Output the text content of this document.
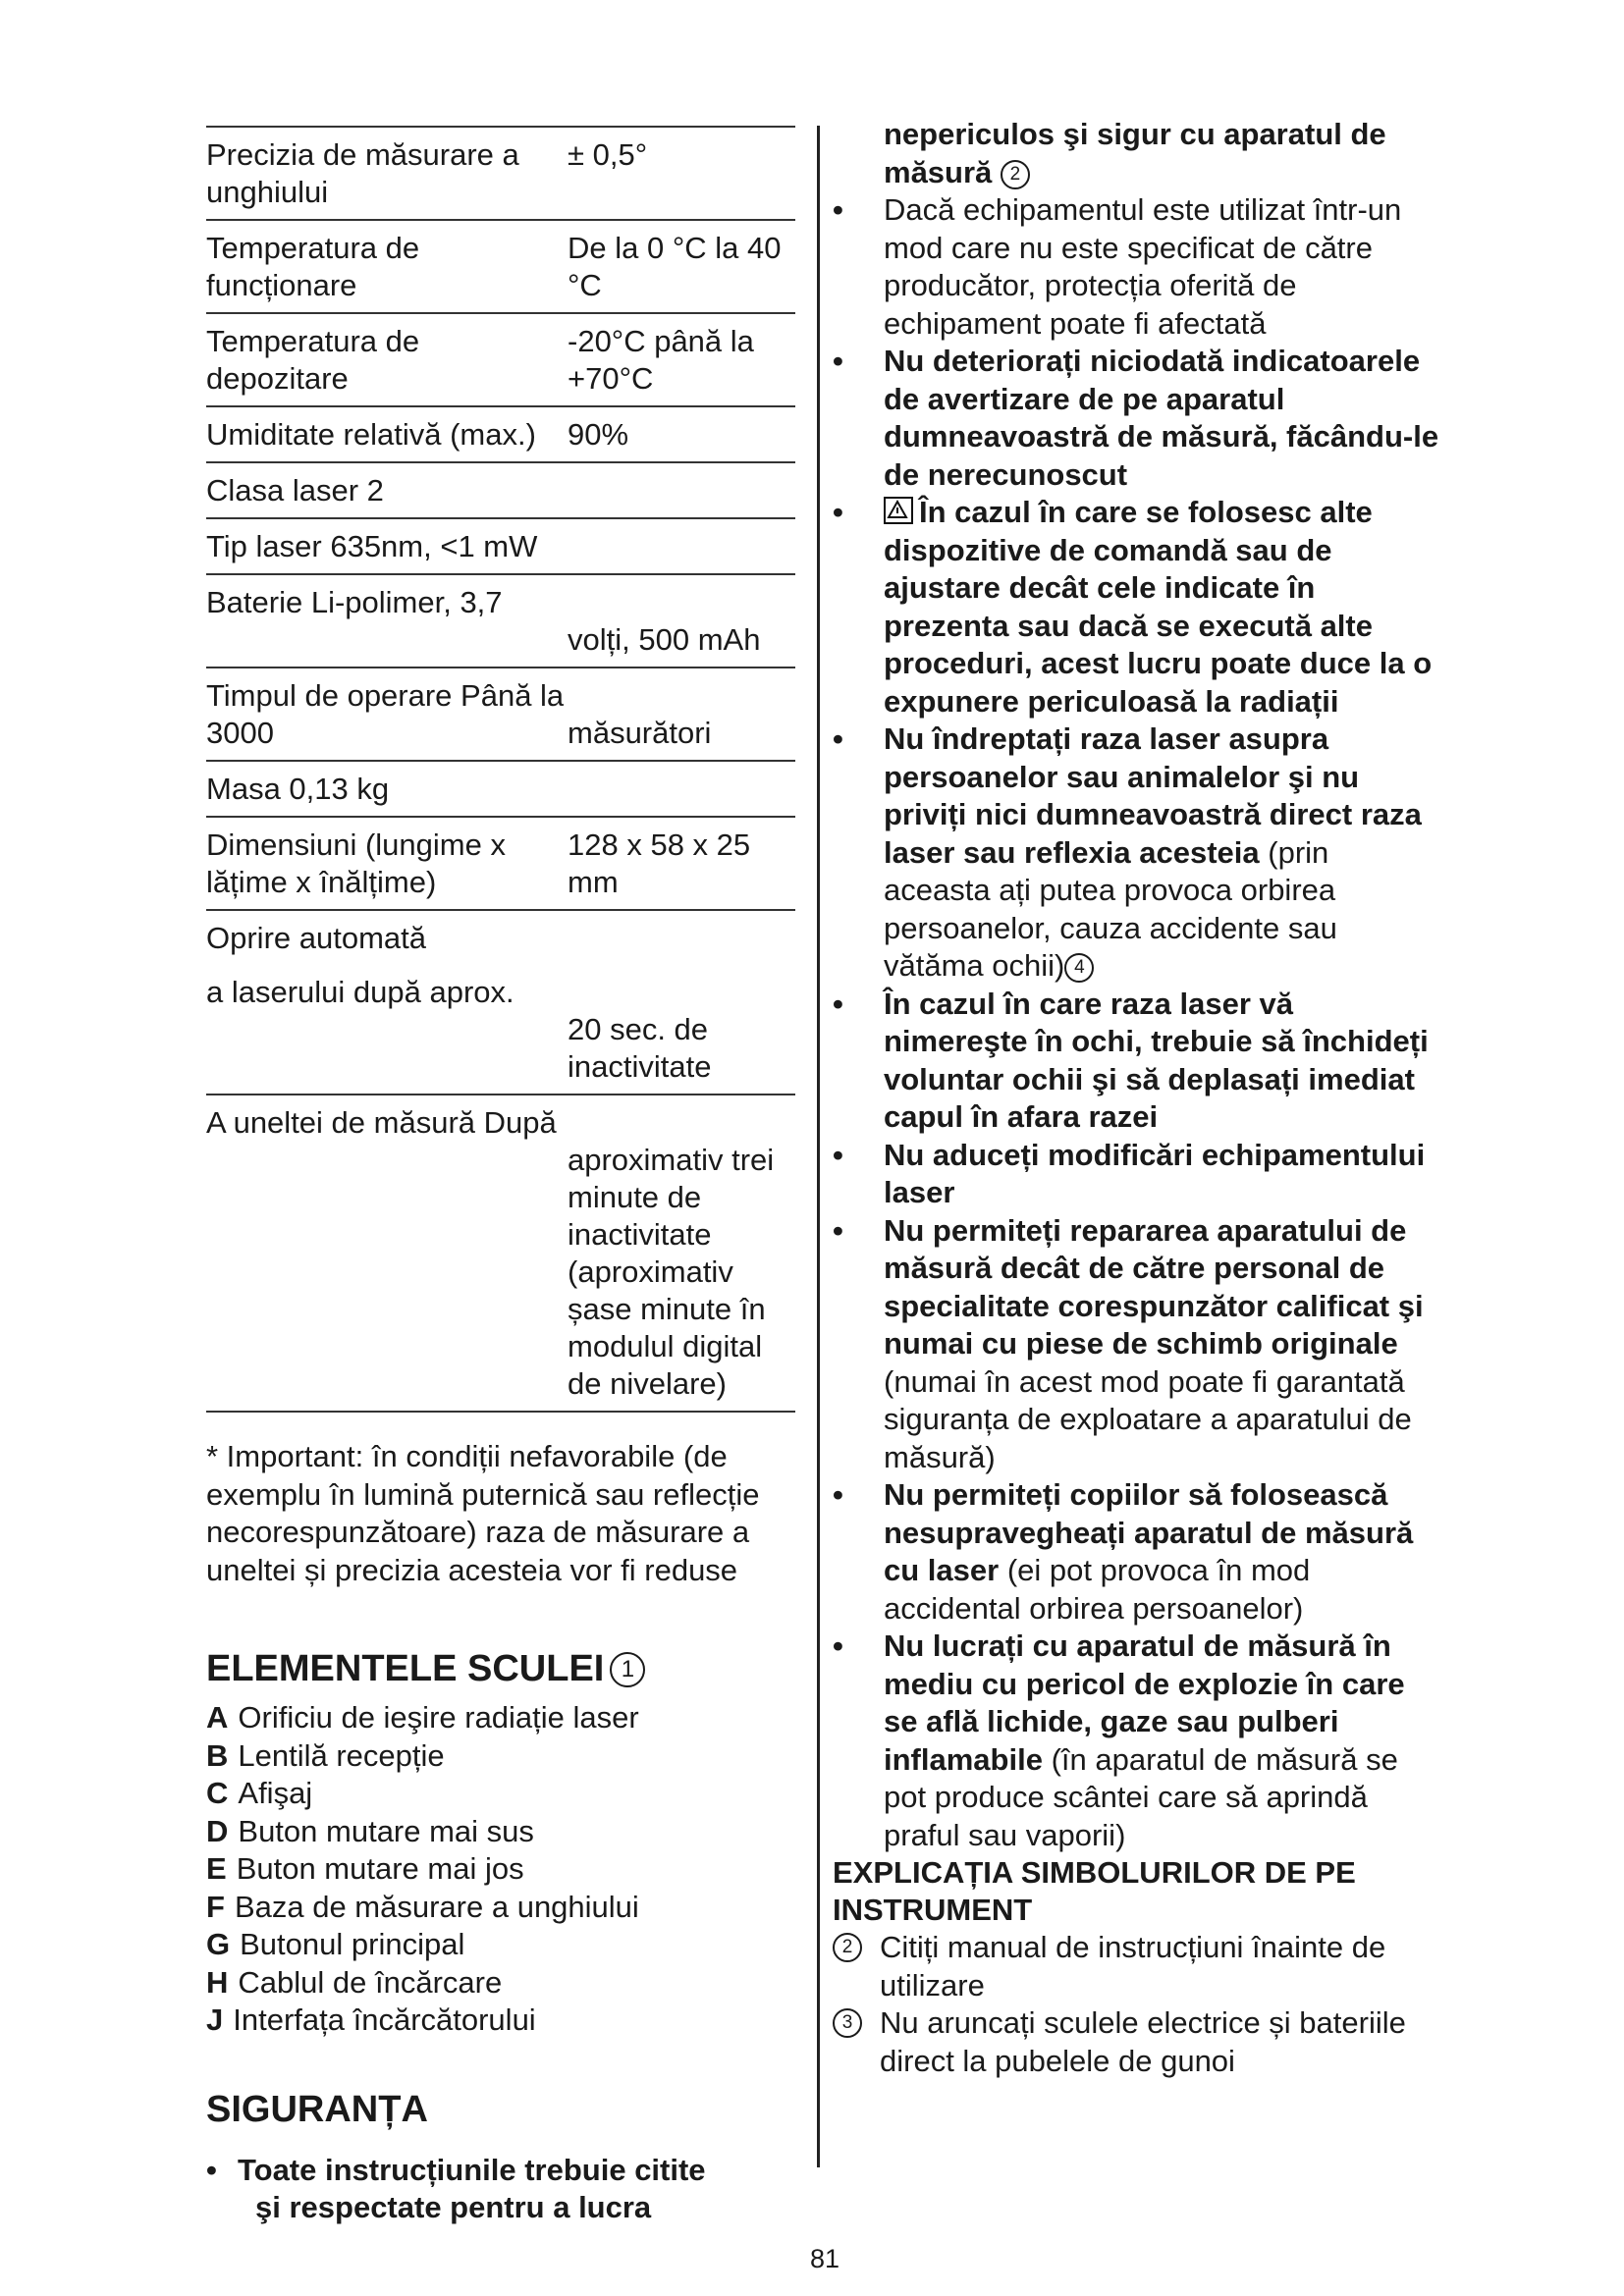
Precizia de măsurare a unghiului
± 0,5°
Temperatura de funcționare
De la 0 °C la 40 °C
Temperatura de depozitare
-20°C până la +70°C
Umiditate relativă (max.)	90%
Clasa laser 2
Tip laser 635nm, <1 mW
Baterie Li-polimer, 3,7
volți, 500 mAh
Timpul de operare Până la 3000	măsurători
Masa 0,13 kg
Dimensiuni (lungime x lățime x înălțime)
128 x 58 x 25 mm
Oprire automată
a laserului după aprox.
20 sec. de inactivitate
A uneltei de măsură După
aproximativ trei minute de inactivitate (aproximativ șase minute în modulul digital de nivelare)
* Important: în condiții nefavorabile (de exemplu în lumină puternică sau reflecție necorespunzătoare) raza de măsurare a uneltei și precizia acesteia vor fi reduse
ELEMENTELE SCULEI 1
A Orificiu de ieşire radiație laser
B Lentilă recepție
C Afişaj
D Buton mutare mai sus
E Buton mutare mai jos
F Baza de măsurare a unghiului
G Butonul principal
H Cablul de încărcare
J Interfața încărcătorului
SIGURANȚA
• Toate instrucțiunile trebuie citite
şi respectate pentru a lucra
nepericulos şi sigur cu aparatul de măsură 2
• Dacă echipamentul este utilizat într-un mod care nu este specificat de către producător, protecția oferită de echipament poate fi afectată
• Nu deteriorați niciodată indicatoarele de avertizare de pe aparatul dumneavoastră de măsură, făcându-le de nerecunoscut
• În cazul în care se folosesc alte dispozitive de comandă sau de ajustare decât cele indicate în prezenta sau dacă se execută alte proceduri, acest lucru poate duce la o expunere periculoasă la radiații
• Nu îndreptați raza laser asupra persoanelor sau animalelor şi nu priviți nici dumneavoastră direct raza laser sau reflexia acesteia (prin aceasta ați putea provoca orbirea persoanelor, cauza accidente sau vătăma ochii) 4
• În cazul în care raza laser vă nimereşte în ochi, trebuie să închideți voluntar ochii şi să deplasați imediat capul în afara razei
• Nu aduceți modificări echipamentului laser
• Nu permiteți repararea aparatului de măsură decât de către personal de specialitate corespunzător calificat şi numai cu piese de schimb originale (numai în acest mod poate fi garantată siguranța de exploatare a aparatului de măsură)
• Nu permiteți copiilor să folosească nesupravegheați aparatul de măsură cu laser (ei pot provoca în mod accidental orbirea persoanelor)
• Nu lucrați cu aparatul de măsură în mediu cu pericol de explozie în care se află lichide, gaze sau pulberi inflamabile (în aparatul de măsură se pot produce scântei care să aprindă praful sau vaporii)
EXPLICAȚIA SIMBOLURILOR DE PE INSTRUMENT
2 Citiți manual de instrucțiuni înainte de utilizare
3 Nu aruncați sculele electrice și bateriile direct la pubelele de gunoi
81
